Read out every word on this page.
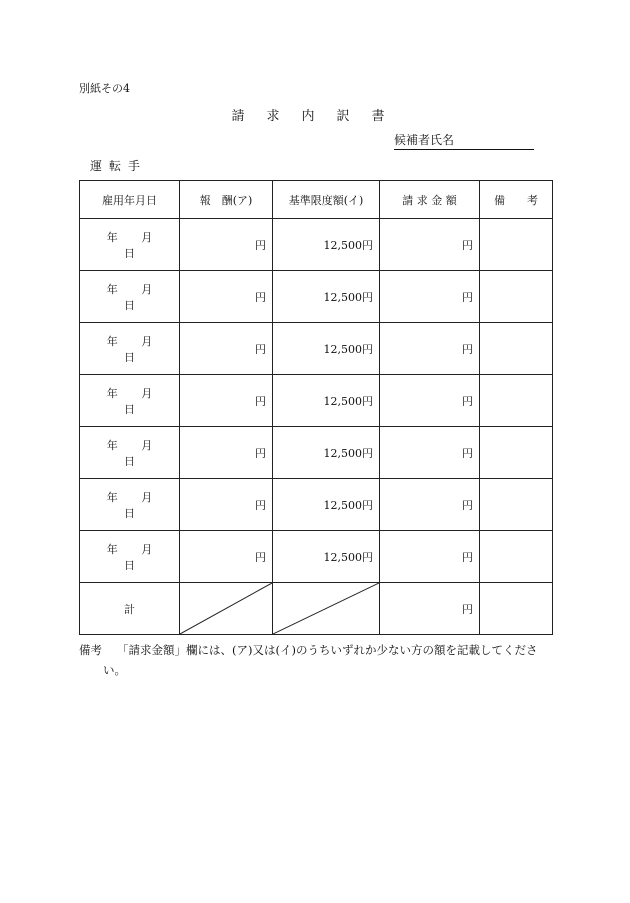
別紙その4
請求内訳書
候補者氏名
運転手
雇用年月日	報　酬(ア)	基準限度額(イ)	請 求 金 額	備　　考
年 月 日	円	12,500円	円	
年 月 日	円	12,500円	円	
年 月 日	円	12,500円	円	
年 月 日	円	12,500円	円	
年 月 日	円	12,500円	円	
年 月 日	円	12,500円	円	
年 月 日	円	12,500円	円	
計			円	
備考 「請求金額」欄には、(ア)又は(イ)のうちいずれか少ない方の額を記載してくださ
い。
